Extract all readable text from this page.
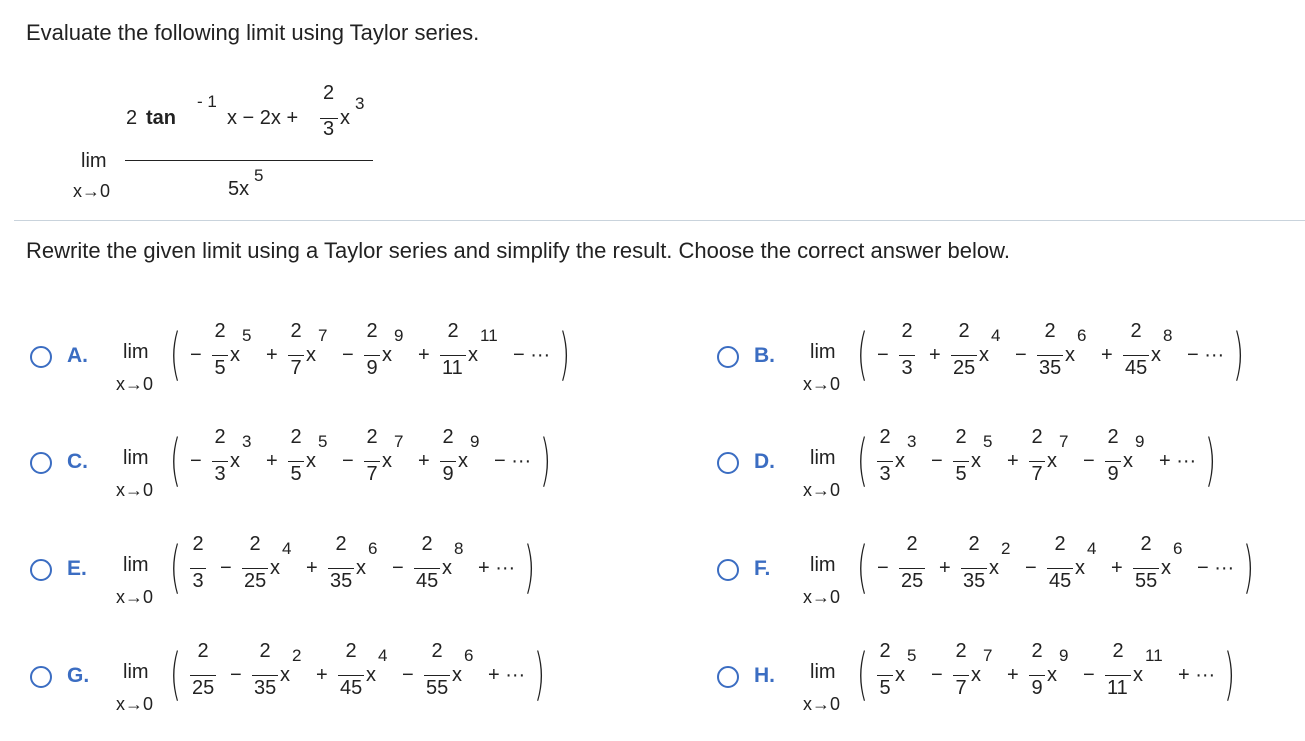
Evaluate the following limit using Taylor series.
lim
x→0
2 tan
- 1
x − 2x +
2
3 x
3
5x
5
Rewrite the given limit using a Taylor series and simplify the result. Choose the correct answer below.
A. lim
x→0 ( −
2
5
x
5
+
2
7
x
7
−
2
9
x
9
+
2
11
x
11
− ··· )	B. lim
x→0 ( −
2
3
+
2
25
x
4
−
2
35
x
6
+
2
45
x
8
− ··· )
C. lim
x→0 ( −
2
3
x
3
+
2
5
x
5
−
2
7
x
7
+
2
9
x
9
− ··· )	D. lim
x→0 ( 2
3
x
3
−
2
5
x
5
+
2
7
x
7
−
2
9
x
9
+ ··· )
E. lim
x→0 ( 2
3
−
2
25
x
4
+
2
35
x
6
−
2
45
x
8
+ ··· )	F. lim
x→0 ( −
2
25
+
2
35
x
2
−
2
45
x
4
+
2
55
x
6
− ··· )
G. lim
x→0 ( 2
25
−
2
35
x
2
+
2
45
x
4
−
2
55
x
6
+ ··· )	H. lim
x→0 ( 2
5
x
5
−
2
7
x
7
+
2
9
x
9
−
2
11
x
11
+ ··· )
